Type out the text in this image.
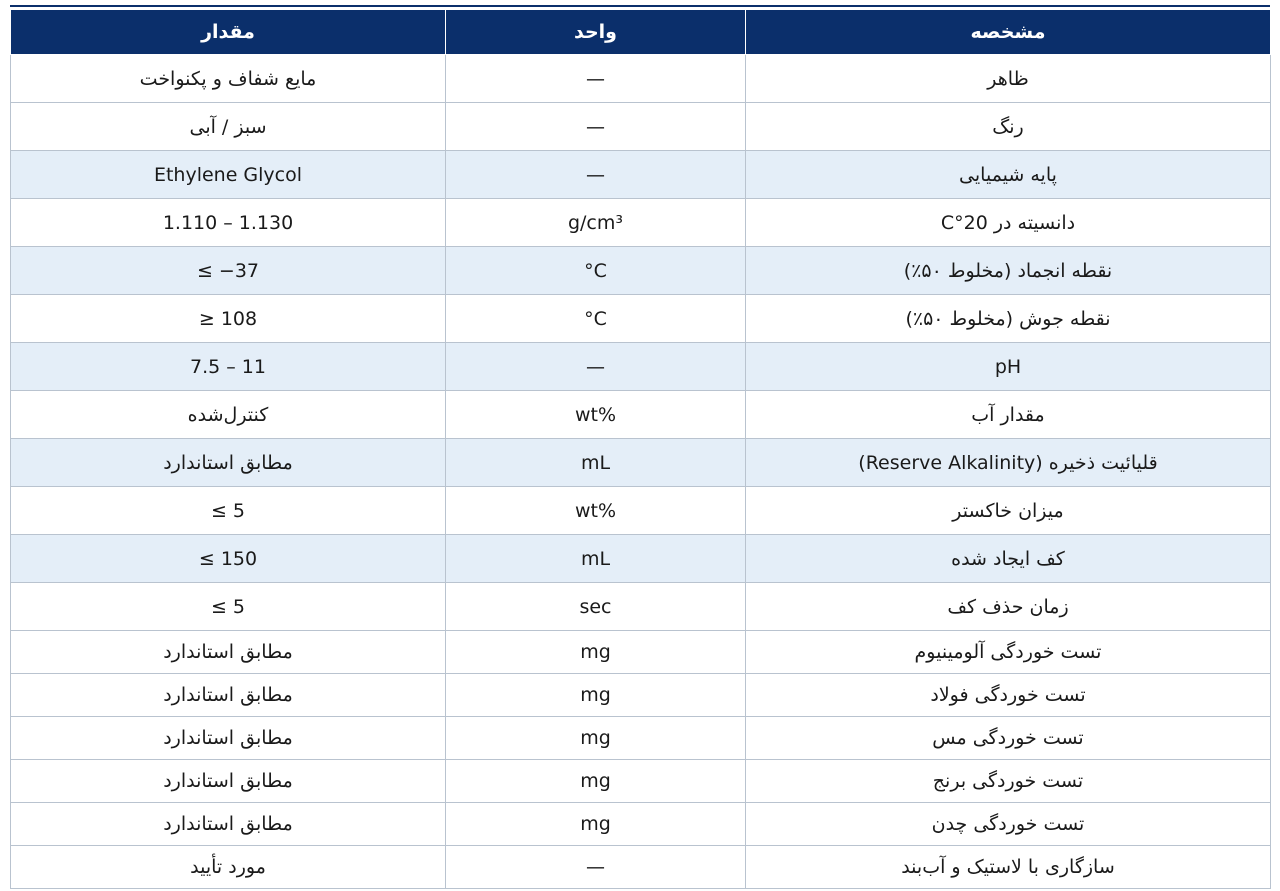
مشخصه	واحد	مقدار
ظاهر	—	مایع شفاف و پکنواخت
رنگ	—	سبز / آبی
پایه شیمیایی	—	Ethylene Glycol
دانسیته در 20°C	g/cm³	1.110 – 1.130
نقطه انجماد (مخلوط ۵۰٪)	°C	≤ −37
نقطه جوش (مخلوط ۵۰٪)	°C	≥ 108
pH	—	7.5 – 11
مقدار آب	wt%	کنترل‌شده
قلیائیت ذخیره (Reserve Alkalinity)	mL	مطابق استاندارد
میزان خاکستر	wt%	≤ 5
کف ایجاد شده	mL	≤ 150
زمان حذف کف	sec	≤ 5
تست خوردگی آلومینیوم	mg	مطابق استاندارد
تست خوردگی فولاد	mg	مطابق استاندارد
تست خوردگی مس	mg	مطابق استاندارد
تست خوردگی برنج	mg	مطابق استاندارد
تست خوردگی چدن	mg	مطابق استاندارد
سازگاری با لاستیک و آب‌بند	—	مورد تأیید
